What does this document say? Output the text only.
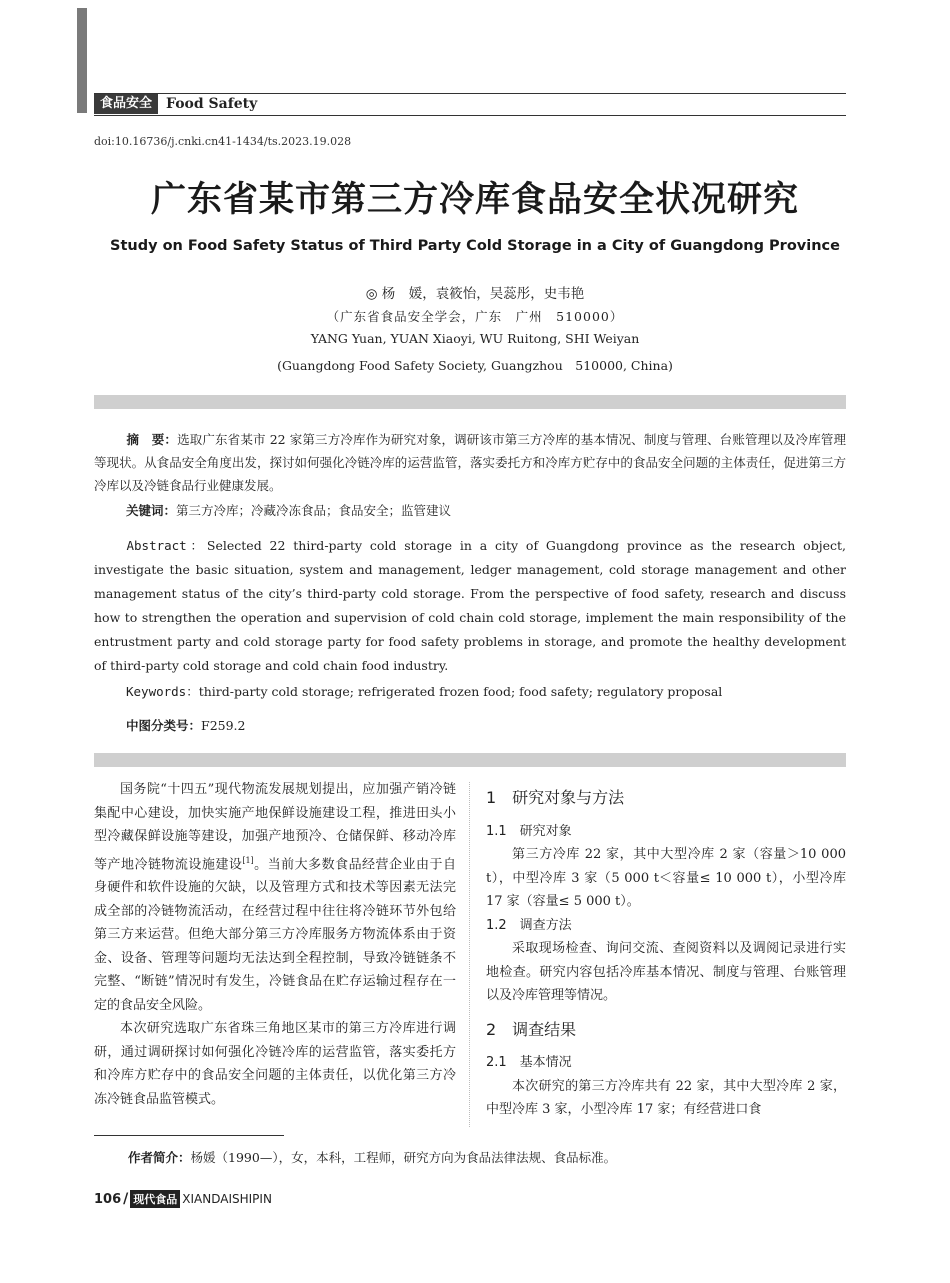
食品安全	Food Safety
doi:10.16736/j.cnki.cn41-1434/ts.2023.19.028
广东省某市第三方冷库食品安全状况研究
Study on Food Safety Status of Third Party Cold Storage in a City of Guangdong Province
◎ 杨　媛，袁筱怡，吴蕊彤，史韦艳
（广东省食品安全学会，广东　广州　510000）
YANG Yuan, YUAN Xiaoyi, WU Ruitong, SHI Weiyan
(Guangdong Food Safety Society, Guangzhou　510000, China)
摘　要：选取广东省某市 22 家第三方冷库作为研究对象，调研该市第三方冷库的基本情况、制度与管理、台账管理以及冷库管理等现状。从食品安全角度出发，探讨如何强化冷链冷库的运营监管，落实委托方和冷库方贮存中的食品安全问题的主体责任，促进第三方冷库以及冷链食品行业健康发展。
关键词：第三方冷库；冷藏冷冻食品；食品安全；监管建议
Abstract：Selected 22 third-party cold storage in a city of Guangdong province as the research object, investigate the basic situation, system and management, ledger management, cold storage management and other management status of the city’s third-party cold storage. From the perspective of food safety, research and discuss how to strengthen the operation and supervision of cold chain cold storage, implement the main responsibility of the entrustment party and cold storage party for food safety problems in storage, and promote the healthy development of third-party cold storage and cold chain food industry.
Keywords：third-party cold storage; refrigerated frozen food; food safety; regulatory proposal
中图分类号：F259.2

国务院“十四五”现代物流发展规划提出，应加强产销冷链集配中心建设，加快实施产地保鲜设施建设工程，推进田头小型冷藏保鲜设施等建设，加强产地预冷、仓储保鲜、移动冷库等产地冷链物流设施建设[1]。当前大多数食品经营企业由于自身硬件和软件设施的欠缺，以及管理方式和技术等因素无法完成全部的冷链物流活动，在经营过程中往往将冷链环节外包给第三方来运营。但绝大部分第三方冷库服务方物流体系由于资金、设备、管理等问题均无法达到全程控制，导致冷链链条不完整、“断链”情况时有发生，冷链食品在贮存运输过程存在一定的食品安全风险。

本次研究选取广东省珠三角地区某市的第三方冷库进行调研，通过调研探讨如何强化冷链冷库的运营监管，落实委托方和冷库方贮存中的食品安全问题的主体责任，以优化第三方冷冻冷链食品监管模式。

1　研究对象与方法
1.1　研究对象

第三方冷库 22 家，其中大型冷库 2 家（容量＞10 000 t），中型冷库 3 家（5 000 t＜容量≤ 10 000 t），小型冷库 17 家（容量≤ 5 000 t）。

1.2　调查方法

采取现场检查、询问交流、查阅资料以及调阅记录进行实地检查。研究内容包括冷库基本情况、制度与管理、台账管理以及冷库管理等情况。

2　调查结果
2.1　基本情况

本次研究的第三方冷库共有 22 家，其中大型冷库 2 家，中型冷库 3 家，小型冷库 17 家；有经营进口食

作者简介：杨媛（1990—），女，本科，工程师，研究方向为食品法律法规、食品标准。
106 / 现代食品 XIANDAISHIPIN
